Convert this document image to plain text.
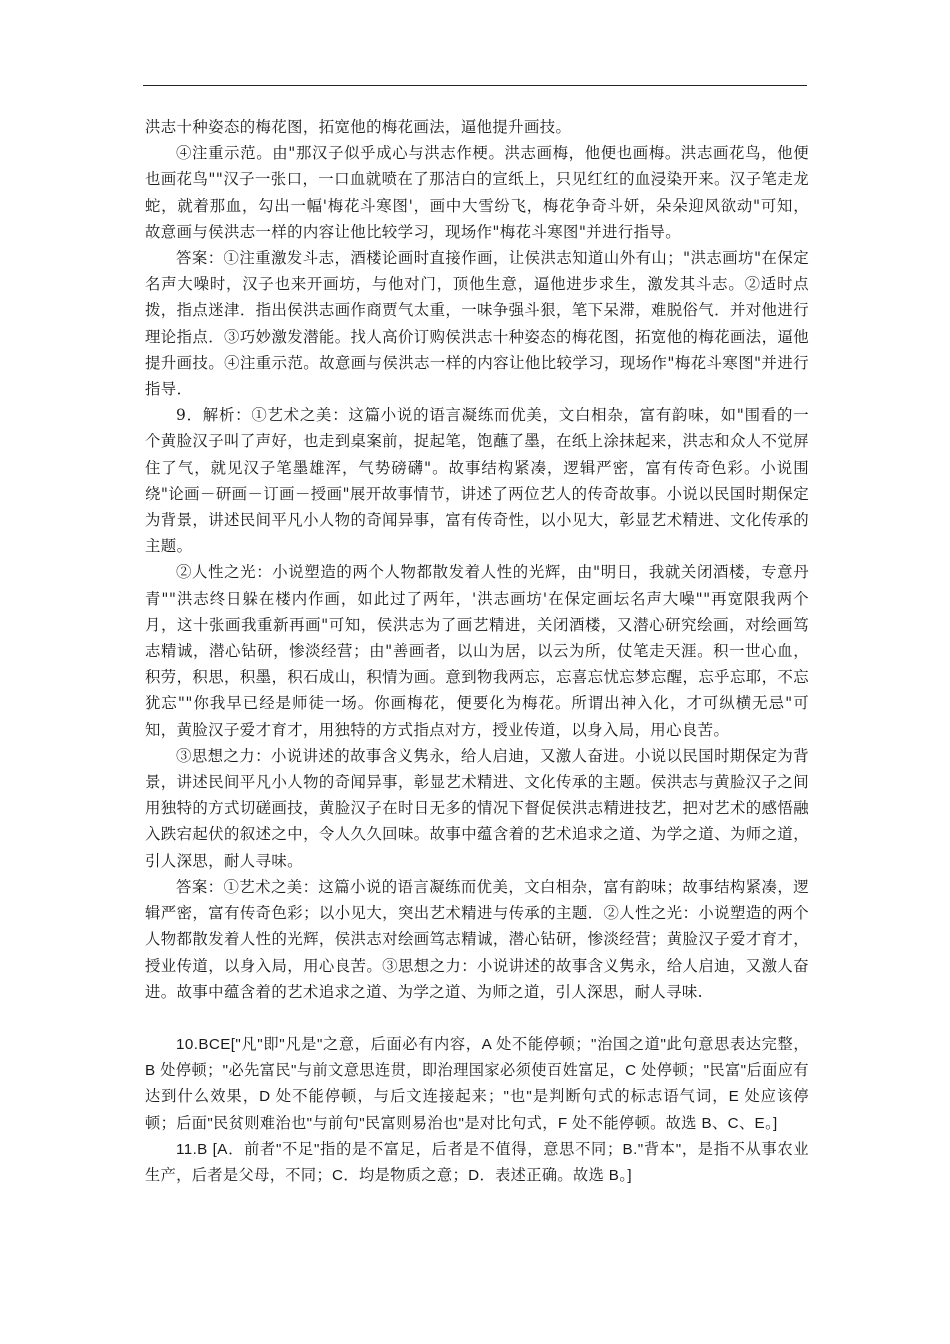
洪志十种姿态的梅花图，拓宽他的梅花画法，逼他提升画技。

④注重示范。由"那汉子似乎成心与洪志作梗。洪志画梅，他便也画梅。洪志画花鸟，他便也画花鸟""汉子一张口，一口血就喷在了那洁白的宣纸上，只见红红的血浸染开来。汉子笔走龙蛇，就着那血，勾出一幅'梅花斗寒图'，画中大雪纷飞，梅花争奇斗妍，朵朵迎风欲动"可知，故意画与侯洪志一样的内容让他比较学习，现场作"梅花斗寒图"并进行指导。

答案：①注重激发斗志，酒楼论画时直接作画，让侯洪志知道山外有山；"洪志画坊"在保定名声大噪时，汉子也来开画坊，与他对门，顶他生意，逼他进步求生，激发其斗志。②适时点拨，指点迷津．指出侯洪志画作商贾气太重，一味争强斗狠，笔下呆滞，难脱俗气．并对他进行理论指点．③巧妙激发潜能。找人高价订购侯洪志十种姿态的梅花图，拓宽他的梅花画法，逼他提升画技。④注重示范。故意画与侯洪志一样的内容让他比较学习，现场作"梅花斗寒图"并进行指导．

9．解析：①艺术之美：这篇小说的语言凝练而优美，文白相杂，富有韵味，如"围看的一个黄脸汉子叫了声好，也走到桌案前，捉起笔，饱蘸了墨，在纸上涂抹起来，洪志和众人不觉屏住了气，就见汉子笔墨雄浑，气势磅礴"。故事结构紧凑，逻辑严密，富有传奇色彩。小说围绕"论画－研画－订画－授画"展开故事情节，讲述了两位艺人的传奇故事。小说以民国时期保定为背景，讲述民间平凡小人物的奇闻异事，富有传奇性，以小见大，彰显艺术精进、文化传承的主题。

②人性之光：小说塑造的两个人物都散发着人性的光辉，由"明日，我就关闭酒楼，专意丹青""洪志终日躲在楼内作画，如此过了两年，'洪志画坊'在保定画坛名声大噪""再宽限我两个月，这十张画我重新再画"可知，侯洪志为了画艺精进，关闭酒楼，又潜心研究绘画，对绘画笃志精诚，潜心钻研，惨淡经营；由"善画者，以山为居，以云为所，仗笔走天涯。积一世心血，积劳，积思，积墨，积石成山，积情为画。意到物我两忘，忘喜忘忧忘梦忘醒，忘乎忘耶，不忘犹忘""你我早已经是师徒一场。你画梅花，便要化为梅花。所谓出神入化，才可纵横无忌"可知，黄脸汉子爱才育才，用独特的方式指点对方，授业传道，以身入局，用心良苦。

③思想之力：小说讲述的故事含义隽永，给人启迪，又激人奋进。小说以民国时期保定为背景，讲述民间平凡小人物的奇闻异事，彰显艺术精进、文化传承的主题。侯洪志与黄脸汉子之间用独特的方式切磋画技，黄脸汉子在时日无多的情况下督促侯洪志精进技艺，把对艺术的感悟融入跌宕起伏的叙述之中，令人久久回味。故事中蕴含着的艺术追求之道、为学之道、为师之道，引人深思，耐人寻味。

答案：①艺术之美：这篇小说的语言凝练而优美，文白相杂，富有韵味；故事结构紧凑，逻辑严密，富有传奇色彩；以小见大，突出艺术精进与传承的主题．②人性之光：小说塑造的两个人物都散发着人性的光辉，侯洪志对绘画笃志精诚，潜心钻研，惨淡经营；黄脸汉子爱才育才，授业传道，以身入局，用心良苦。③思想之力：小说讲述的故事含义隽永，给人启迪，又激人奋进。故事中蕴含着的艺术追求之道、为学之道、为师之道，引人深思，耐人寻味.

10.BCE["凡"即"凡是"之意，后面必有内容，A 处不能停顿；"治国之道"此句意思表达完整，B 处停顿；"必先富民"与前文意思连贯，即治理国家必须使百姓富足，C 处停顿；"民富"后面应有达到什么效果，D 处不能停顿，与后文连接起来；"也"是判断句式的标志语气词，E 处应该停顿；后面"民贫则难治也"与前句"民富则易治也"是对比句式，F 处不能停顿。故选 B、C、E。]

11.B [A．前者"不足"指的是不富足，后者是不值得，意思不同；B."背本"，是指不从事农业生产，后者是父母，不同；C．均是物质之意；D．表述正确。故选 B。]
